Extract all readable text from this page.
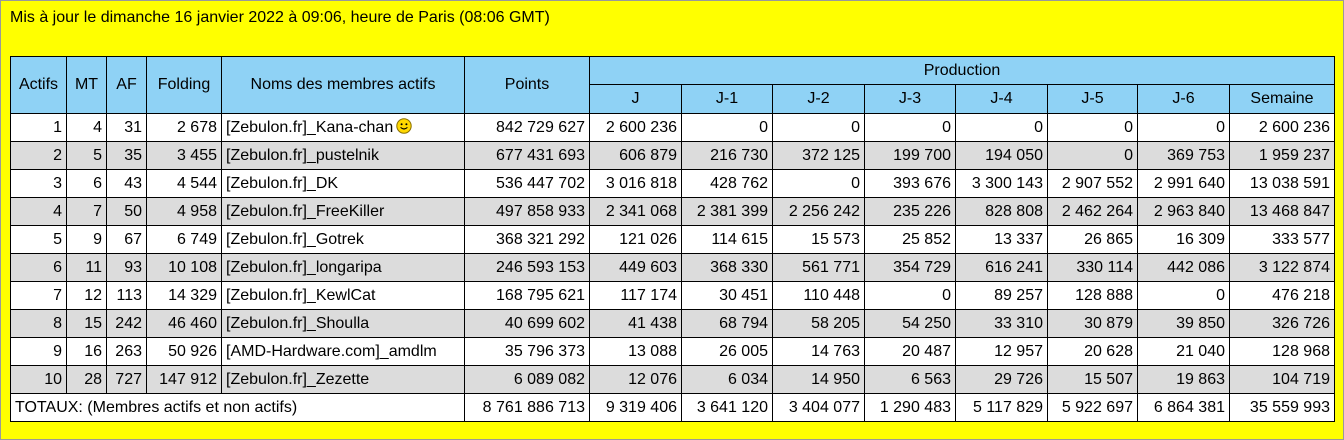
Mis à jour le dimanche 16 janvier 2022 à 09:06, heure de Paris (08:06 GMT)
Actifs	MT	AF	Folding	Noms des membres actifs	Points	Production							
						J	J-1	J-2	J-3	J-4	J-5	J-6	Semaine
1	4	31	2 678	[Zebulon.fr]_Kana-chan	842 729 627	2 600 236	0	0	0	0	0	0	2 600 236
2	5	35	3 455	[Zebulon.fr]_pustelnik	677 431 693	606 879	216 730	372 125	199 700	194 050	0	369 753	1 959 237
3	6	43	4 544	[Zebulon.fr]_DK	536 447 702	3 016 818	428 762	0	393 676	3 300 143	2 907 552	2 991 640	13 038 591
4	7	50	4 958	[Zebulon.fr]_FreeKiller	497 858 933	2 341 068	2 381 399	2 256 242	235 226	828 808	2 462 264	2 963 840	13 468 847
5	9	67	6 749	[Zebulon.fr]_Gotrek	368 321 292	121 026	114 615	15 573	25 852	13 337	26 865	16 309	333 577
6	11	93	10 108	[Zebulon.fr]_longaripa	246 593 153	449 603	368 330	561 771	354 729	616 241	330 114	442 086	3 122 874
7	12	113	14 329	[Zebulon.fr]_KewlCat	168 795 621	117 174	30 451	110 448	0	89 257	128 888	0	476 218
8	15	242	46 460	[Zebulon.fr]_Shoulla	40 699 602	41 438	68 794	58 205	54 250	33 310	30 879	39 850	326 726
9	16	263	50 926	[AMD-Hardware.com]_amdlm	35 796 373	13 088	26 005	14 763	20 487	12 957	20 628	21 040	128 968
10	28	727	147 912	[Zebulon.fr]_Zezette	6 089 082	12 076	6 034	14 950	6 563	29 726	15 507	19 863	104 719
TOTAUX: (Membres actifs et non actifs)					8 761 886 713	9 319 406	3 641 120	3 404 077	1 290 483	5 117 829	5 922 697	6 864 381	35 559 993
